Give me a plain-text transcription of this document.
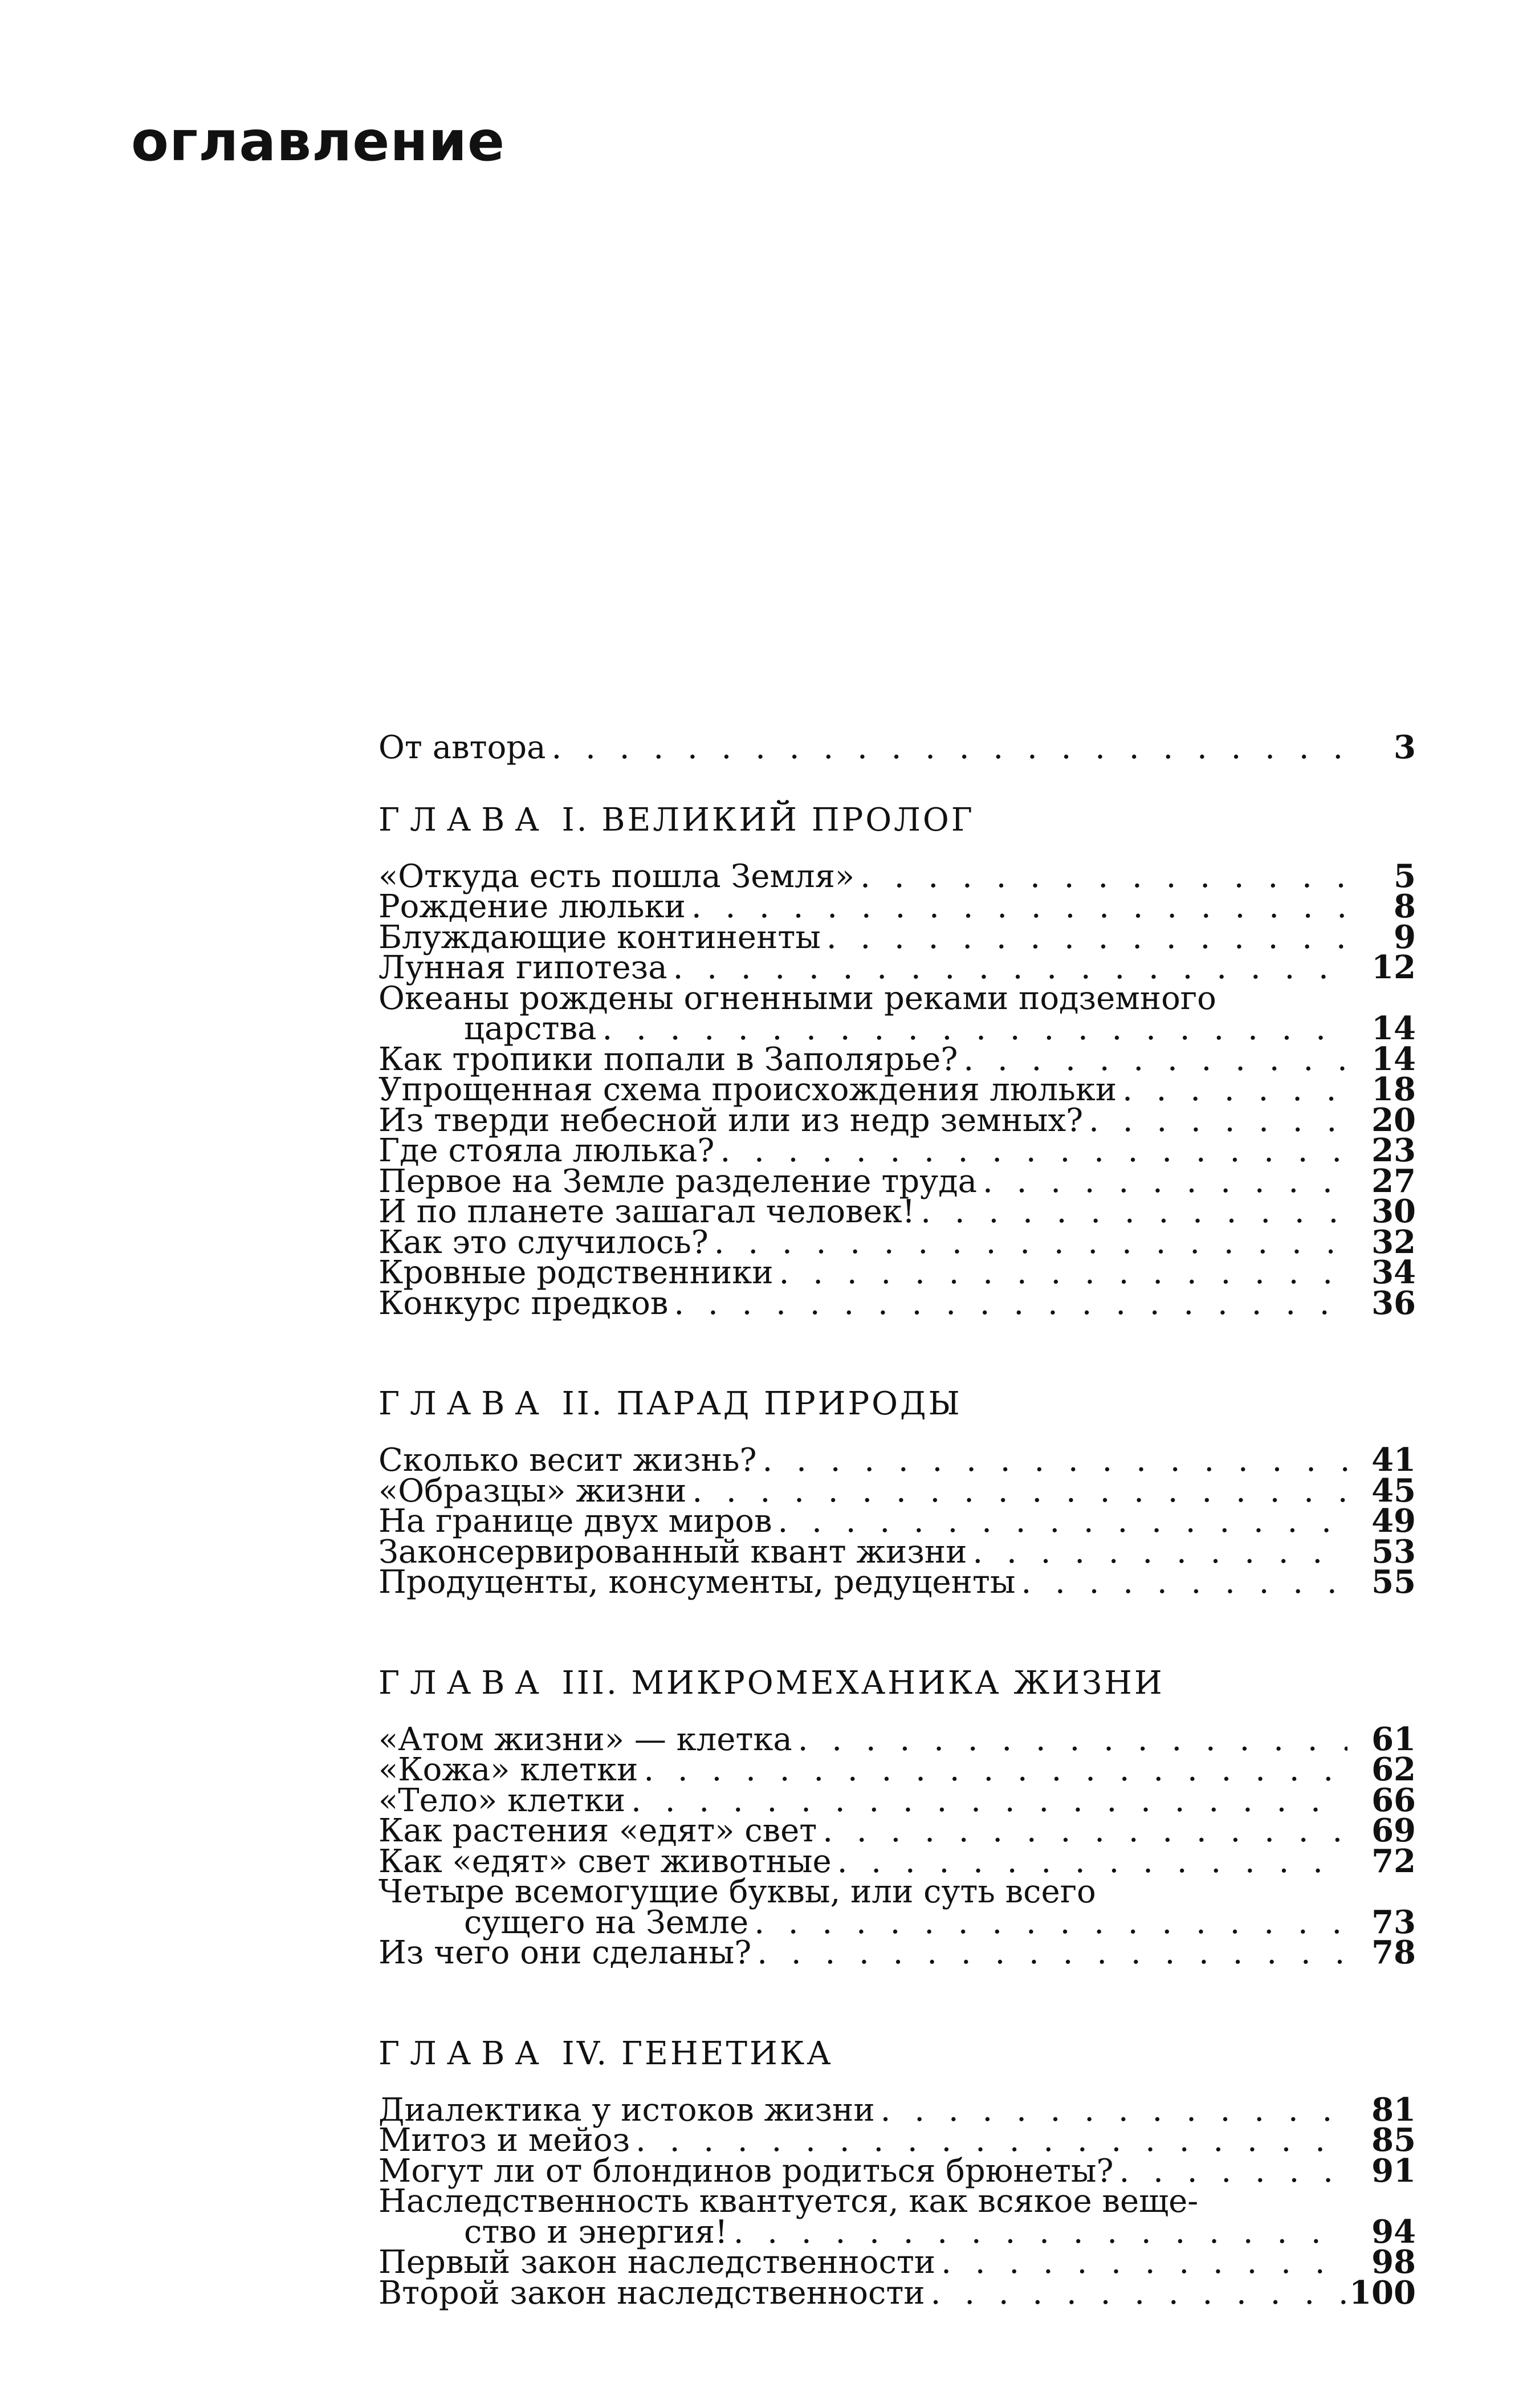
оглавление
От автора . . .	3
ГЛАВА I. ВЕЛИКИЙ ПРОЛОГ
«Откуда есть пошла Земля» . . .	5
Рождение люльки . . .	8
Блуждающие континенты . . .	9
Лунная гипотеза . . .	12
Океаны рождены огненными реками подземного
царства . . .	14
Как тропики попали в Заполярье? . . .	14
Упрощенная схема происхождения люльки . . .	18
Из тверди небесной или из недр земных? . . .	20
Где стояла люлька? . . .	23
Первое на Земле разделение труда . . .	27
И по планете зашагал человек! . . .	30
Как это случилось? . . .	32
Кровные родственники . . .	34
Конкурс предков . . .	36
ГЛАВА II. ПАРАД ПРИРОДЫ
Сколько весит жизнь? . . .	41
«Образцы» жизни . . .	45
На границе двух миров . . .	49
Законсервированный квант жизни . . .	53
Продуценты, консументы, редуценты . . .	55
ГЛАВА III. МИКРОМЕХАНИКА ЖИЗНИ
«Атом жизни» — клетка . . .	61
«Кожа» клетки . . .	62
«Тело» клетки . . .	66
Как растения «едят» свет . . .	69
Как «едят» свет животные . . .	72
Четыре всемогущие буквы, или суть всего
сущего на Земле . . .	73
Из чего они сделаны? . . .	78
ГЛАВА IV. ГЕНЕТИКА
Диалектика у истоков жизни . . .	81
Митоз и мейоз . . .	85
Могут ли от блондинов родиться брюнеты? . . .	91
Наследственность квантуется, как всякое веще-
ство и энергия! . . .	94
Первый закон наследственности . . .	98
Второй закон наследственности . . .	100
